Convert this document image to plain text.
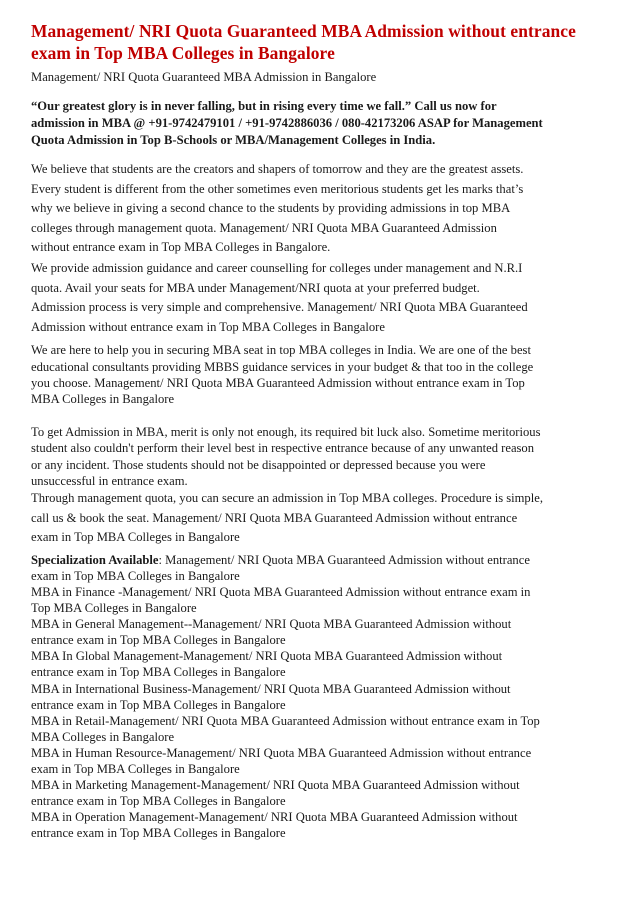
Management/ NRI Quota Guaranteed MBA Admission without entrance
exam in Top MBA Colleges in Bangalore

Management/ NRI Quota Guaranteed MBA Admission in Bangalore

“Our greatest glory is in never falling, but in rising every time we fall.” Call us now for
admission in MBA @ +91-9742479101 / +91-9742886036 / 080-42173206 ASAP for Management
Quota Admission in Top B-Schools or MBA/Management Colleges in India.

We believe that students are the creators and shapers of tomorrow and they are the greatest assets.
Every student is different from the other sometimes even meritorious students get les marks that’s
why we believe in giving a second chance to the students by providing admissions in top MBA
colleges through management quota. Management/ NRI Quota MBA Guaranteed Admission
without entrance exam in Top MBA Colleges in Bangalore.
We provide admission guidance and career counselling for colleges under management and N.R.I
quota. Avail your seats for MBA under Management/NRI quota at your preferred budget.
Admission process is very simple and comprehensive. Management/ NRI Quota MBA Guaranteed
Admission without entrance exam in Top MBA Colleges in Bangalore
We are here to help you in securing MBA seat in top MBA colleges in India. We are one of the best
educational consultants providing MBBS guidance services in your budget & that too in the college
you choose. Management/ NRI Quota MBA Guaranteed Admission without entrance exam in Top
MBA Colleges in Bangalore
To get Admission in MBA, merit is only not enough, its required bit luck also. Sometime meritorious
student also couldn't perform their level best in respective entrance because of any unwanted reason
or any incident. Those students should not be disappointed or depressed because you were
unsuccessful in entrance exam.
Through management quota, you can secure an admission in Top MBA colleges. Procedure is simple,
call us & book the seat. Management/ NRI Quota MBA Guaranteed Admission without entrance
exam in Top MBA Colleges in Bangalore
Specialization Available: Management/ NRI Quota MBA Guaranteed Admission without entrance
exam in Top MBA Colleges in Bangalore
MBA in Finance -Management/ NRI Quota MBA Guaranteed Admission without entrance exam in
Top MBA Colleges in Bangalore
MBA in General Management--Management/ NRI Quota MBA Guaranteed Admission without
entrance exam in Top MBA Colleges in Bangalore
MBA In Global Management-Management/ NRI Quota MBA Guaranteed Admission without
entrance exam in Top MBA Colleges in Bangalore
MBA in International Business-Management/ NRI Quota MBA Guaranteed Admission without
entrance exam in Top MBA Colleges in Bangalore
MBA in Retail-Management/ NRI Quota MBA Guaranteed Admission without entrance exam in Top
MBA Colleges in Bangalore
MBA in Human Resource-Management/ NRI Quota MBA Guaranteed Admission without entrance
exam in Top MBA Colleges in Bangalore
MBA in Marketing Management-Management/ NRI Quota MBA Guaranteed Admission without
entrance exam in Top MBA Colleges in Bangalore
MBA in Operation Management-Management/ NRI Quota MBA Guaranteed Admission without
entrance exam in Top MBA Colleges in Bangalore
